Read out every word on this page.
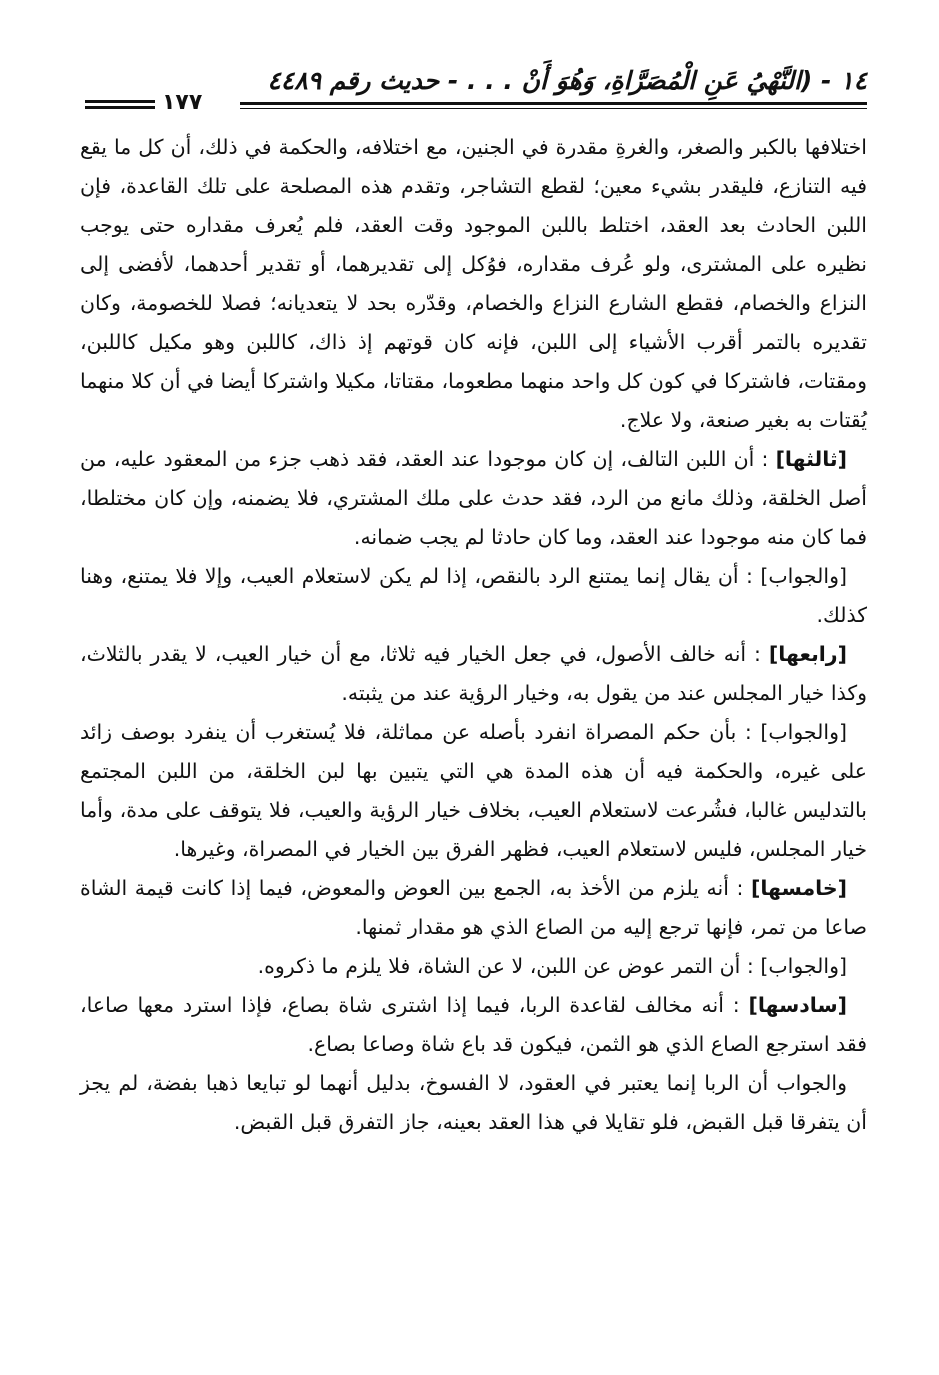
١٤ - (النَّهْيُ عَنِ الْمُصَرَّاةِ، وَهُوَ أَنْ . . . - حديث رقم ٤٤٨٩
١٧٧

اختلافها بالكبر والصغر، والغرةِ مقدرة في الجنين، مع اختلافه، والحكمة في ذلك، أن كل ما يقع فيه التنازع، فليقدر بشيء معين؛ لقطع التشاجر، وتقدم هذه المصلحة على تلك القاعدة، فإن اللبن الحادث بعد العقد، اختلط باللبن الموجود وقت العقد، فلم يُعرف مقداره حتى يوجب نظيره على المشترى، ولو عُرف مقداره، فوُكل إلى تقديرهما، أو تقدير أحدهما، لأفضى إلى النزاع والخصام، فقطع الشارع النزاع والخصام، وقدّره بحد لا يتعديانه؛ فصلا للخصومة، وكان تقديره بالتمر أقرب الأشياء إلى اللبن، فإنه كان قوتهم إذ ذاك، كاللبن وهو مكيل كاللبن، ومقتات، فاشتركا في كون كل واحد منهما مطعوما، مقتاتا، مكيلا واشتركا أيضا في أن كلا منهما يُقتات به بغير صنعة، ولا علاج.

[ثالثها] : أن اللبن التالف، إن كان موجودا عند العقد، فقد ذهب جزء من المعقود عليه، من أصل الخلقة، وذلك مانع من الرد، فقد حدث على ملك المشتري، فلا يضمنه، وإن كان مختلطا، فما كان منه موجودا عند العقد، وما كان حادثا لم يجب ضمانه.

[والجواب] : أن يقال إنما يمتنع الرد بالنقص، إذا لم يكن لاستعلام العيب، وإلا فلا يمتنع، وهنا كذلك.

[رابعها] : أنه خالف الأصول، في جعل الخيار فيه ثلاثا، مع أن خيار العيب، لا يقدر بالثلاث، وكذا خيار المجلس عند من يقول به، وخيار الرؤية عند من يثبته.

[والجواب] : بأن حكم المصراة انفرد بأصله عن مماثلة، فلا يُستغرب أن ينفرد بوصف زائد على غيره، والحكمة فيه أن هذه المدة هي التي يتبين بها لبن الخلقة، من اللبن المجتمع بالتدليس غالبا، فشُرعت لاستعلام العيب، بخلاف خيار الرؤية والعيب، فلا يتوقف على مدة، وأما خيار المجلس، فليس لاستعلام العيب، فظهر الفرق بين الخيار في المصراة، وغيرها.

[خامسها] : أنه يلزم من الأخذ به، الجمع بين العوض والمعوض، فيما إذا كانت قيمة الشاة صاعا من تمر، فإنها ترجع إليه من الصاع الذي هو مقدار ثمنها.

[والجواب] : أن التمر عوض عن اللبن، لا عن الشاة، فلا يلزم ما ذكروه.

[سادسها] : أنه مخالف لقاعدة الربا، فيما إذا اشترى شاة بصاع، فإذا استرد معها صاعا، فقد استرجع الصاع الذي هو الثمن، فيكون قد باع شاة وصاعا بصاع.

والجواب أن الربا إنما يعتبر في العقود، لا الفسوخ، بدليل أنهما لو تبايعا ذهبا بفضة، لم يجز أن يتفرقا قبل القبض، فلو تقايلا في هذا العقد بعينه، جاز التفرق قبل القبض.
